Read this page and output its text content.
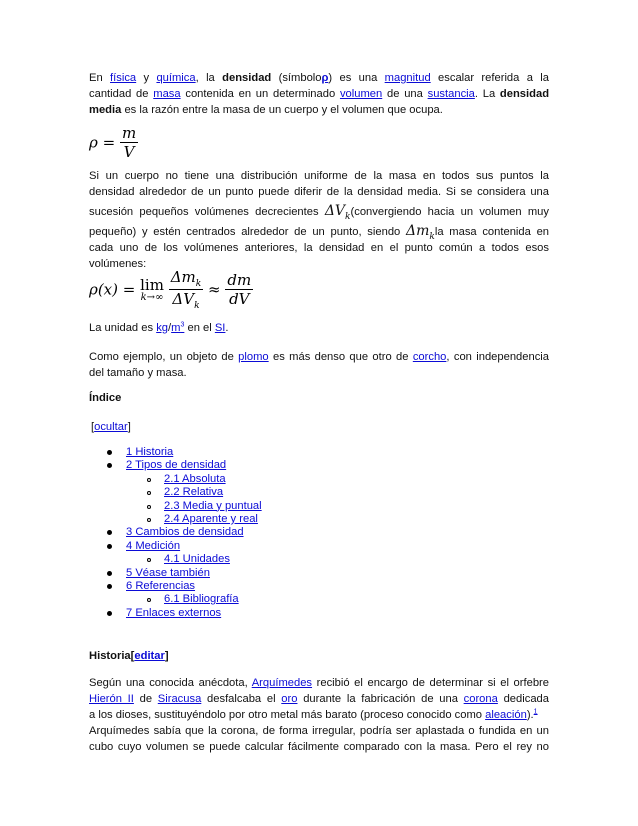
En física y química, la densidad (símboloρ) es una magnitud escalar referida a la

cantidad de masa contenida en un determinado volumen de una sustancia. La densidad

media es la razón entre la masa de un cuerpo y el volumen que ocupa.

$\rho = \frac{m}{V}$

Si un cuerpo no tiene una distribución uniforme de la masa en todos sus puntos la

densidad alrededor de un punto puede diferir de la densidad media. Si se considera una

sucesión pequeños volúmenes decrecientes $\Delta V_k(convergiendo$ hacia un volumen muy

pequeño) y estén centrados alrededor de un punto, siendo $\Delta m_kla$ masa contenida en

cada uno de los volúmenes anteriores, la densidad en el punto común a todos esos

volúmenes:

ρ(x) = lim
k→∞
$\frac{\Delta m_k}{\Delta V_k} \approx \frac{dm}{dV}$

La unidad es $kg/m^3$ en el SI.

Como ejemplo, un objeto de plomo es más denso que otro de corcho, con independencia

del tamaño y masa.

Índice

[ocultar]
1 Historia
2 Tipos de densidad
2.1 Absoluta
2.2 Relativa
2.3 Media y puntual
2.4 Aparente y real
3 Cambios de densidad
4 Medición
4.1 Unidades
5 Véase también
6 Referencias
6.1 Bibliografía
7 Enlaces externos

Historia[editar]

Según una conocida anécdota, Arquímedes recibió el encargo de determinar si el orfebre

Hierón II de Siracusa desfalcaba el oro durante la fabricación de una corona dedicada

a los dioses, sustituyéndolo por otro metal más barato (proceso conocido como aleación).$^1$

Arquímedes sabía que la corona, de forma irregular, podría ser aplastada o fundida en un

cubo cuyo volumen se puede calcular fácilmente comparado con la masa. Pero el rey no
